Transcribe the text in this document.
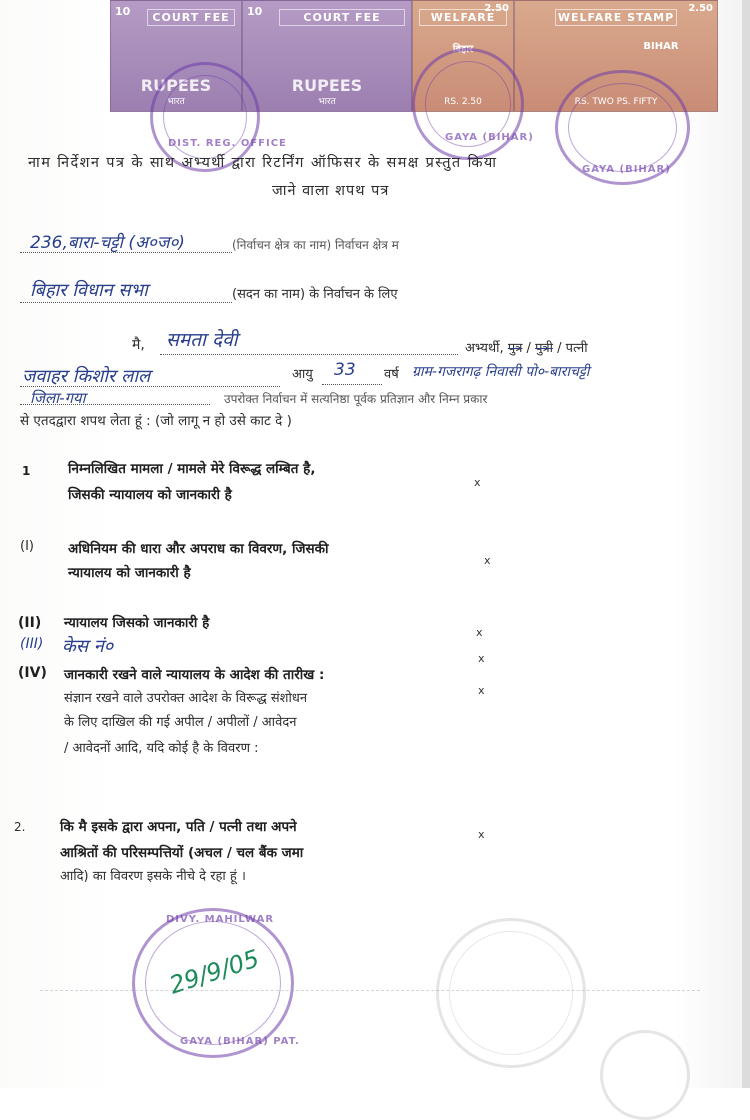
10	COURT FEE
RUPEES
भारत
10	COURT FEE
RUPEES
भारत
2.50
WELFARE
बिहार
RS. 2.50
2.50
WELFARE STAMP
BIHAR
RS. TWO PS. FIFTY
DIST. REG. OFFICE
GAYA (BIHAR)
GAYA (BIHAR)
नाम निर्देशन पत्र के साथ अभ्यर्थी द्वारा रिटर्निंग ऑफिसर के समक्ष प्रस्तुत किया
जाने वाला शपथ पत्र
236,बारा-चट्टी (अ०ज०)	(निर्वाचन क्षेत्र का नाम) निर्वाचन क्षेत्र म
बिहार विधान सभा	(सदन का नाम) के निर्वाचन के लिए
मै, समता देवी	अभ्यर्थी, पुत्र / पुत्री / पत्नी
जवाहर किशोर लाल	आयु 33 वर्ष ग्राम-गजरागढ़ निवासी पो०-बाराचट्टी
जिला-गया	उपरोक्त निर्वाचन में सत्यनिष्ठा पूर्वक प्रतिज्ञान और निम्न प्रकार
से एतदद्वारा शपथ लेता हूं : (जो लागू न हो उसे काट दे )
1	निम्नलिखित मामला / मामले मेरे विरूद्ध लम्बित है,
जिसकी न्यायालय को जानकारी है
x
(I)	अधिनियम की धारा और अपराध का विवरण, जिसकी
न्यायालय को जानकारी है
x
(II) न्यायालय जिसको जानकारी है
x
(III) केस नं०
x
(IV) जानकारी रखने वाले न्यायालय के आदेश की तारीख :
संज्ञान रखने वाले उपरोक्त आदेश के विरूद्ध संशोधन
के लिए दाखिल की गई अपील / अपीलों / आवेदन
/ आवेदनों आदि, यदि कोई है के विवरण :
x
2.	कि मै इसके द्वारा अपना, पति / पत्नी तथा अपने
आश्रितों की परिसम्पत्तियों (अचल / चल बैंक जमा
आदि) का विवरण इसके नीचे दे रहा हूं ।
x
DIVY. MAHILWAR
GAYA (BIHAR) PAT.
29/9/05
